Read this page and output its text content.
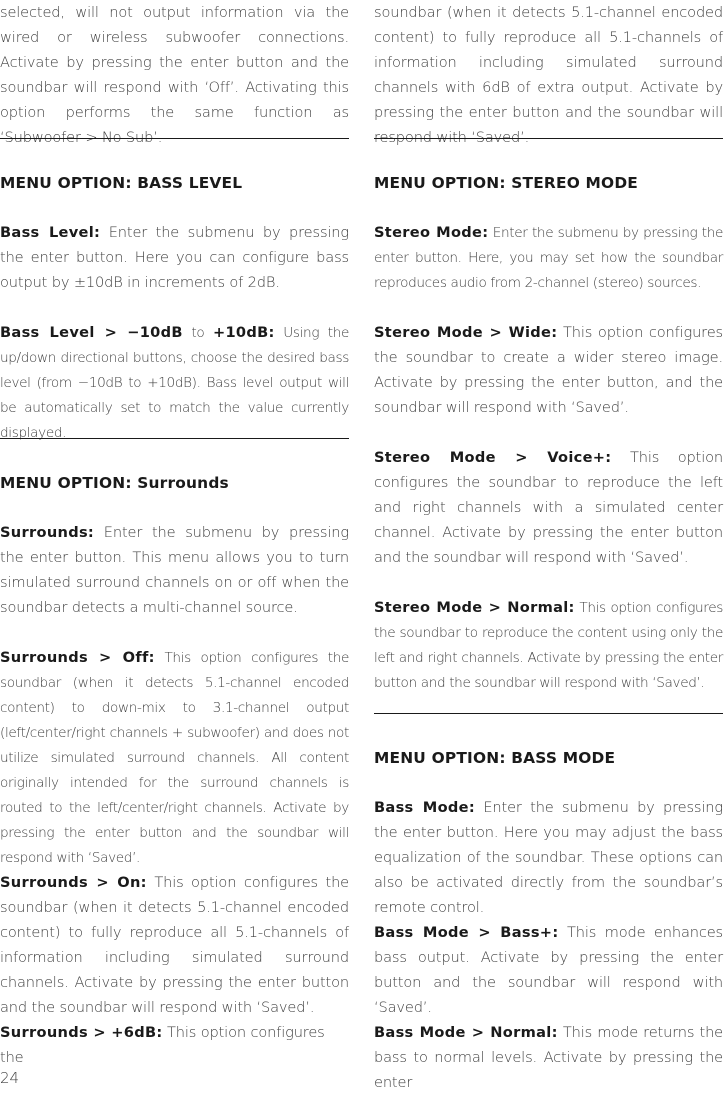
selected, will not output information via the wired or wireless subwoofer connections. Activate by pressing the enter button and the soundbar will respond with ‘Off’. Activating this option performs the same function as ‘Subwoofer > No Sub’.

MENU OPTION: BASS LEVEL

Bass Level: Enter the submenu by pressing the enter button. Here you can configure bass output by ±10dB in increments of 2dB.

Bass Level > −10dB to +10dB: Using the up/down directional buttons, choose the desired bass level (from −10dB to +10dB). Bass level output will be automatically set to match the value currently displayed.

MENU OPTION: Surrounds

Surrounds: Enter the submenu by pressing the enter button. This menu allows you to turn simulated surround channels on or off when the soundbar detects a multi-channel source.

Surrounds > Off: This option configures the soundbar (when it detects 5.1-channel encoded content) to down-mix to 3.1-channel output (left/center/right channels + subwoofer) and does not utilize simulated surround channels. All content originally intended for the surround channels is routed to the left/center/right channels. Activate by pressing the enter button and the soundbar will respond with ‘Saved’.

Surrounds > On: This option configures the soundbar (when it detects 5.1-channel encoded content) to fully reproduce all 5.1-channels of information including simulated surround channels. Activate by pressing the enter button and the soundbar will respond with ‘Saved’.

Surrounds > +6dB: This option configures the

24

soundbar (when it detects 5.1-channel encoded content) to fully reproduce all 5.1-channels of information including simulated surround channels with 6dB of extra output. Activate by pressing the enter button and the soundbar will respond with ‘Saved’.

MENU OPTION: STEREO MODE

Stereo Mode: Enter the submenu by pressing the enter button. Here, you may set how the soundbar reproduces audio from 2-channel (stereo) sources.

Stereo Mode > Wide: This option configures the soundbar to create a wider stereo image. Activate by pressing the enter button, and the soundbar will respond with ‘Saved’.

Stereo Mode > Voice+: This option configures the soundbar to reproduce the left and right channels with a simulated center channel. Activate by pressing the enter button and the soundbar will respond with ‘Saved’.

Stereo Mode > Normal: This option configures the soundbar to reproduce the content using only the left and right channels. Activate by pressing the enter button and the soundbar will respond with ‘Saved’.

MENU OPTION: BASS MODE

Bass Mode: Enter the submenu by pressing the enter button. Here you may adjust the bass equalization of the soundbar. These options can also be activated directly from the soundbar’s remote control.

Bass Mode > Bass+: This mode enhances bass output. Activate by pressing the enter button and the soundbar will respond with ‘Saved’.

Bass Mode > Normal: This mode returns the bass to normal levels. Activate by pressing the enter
